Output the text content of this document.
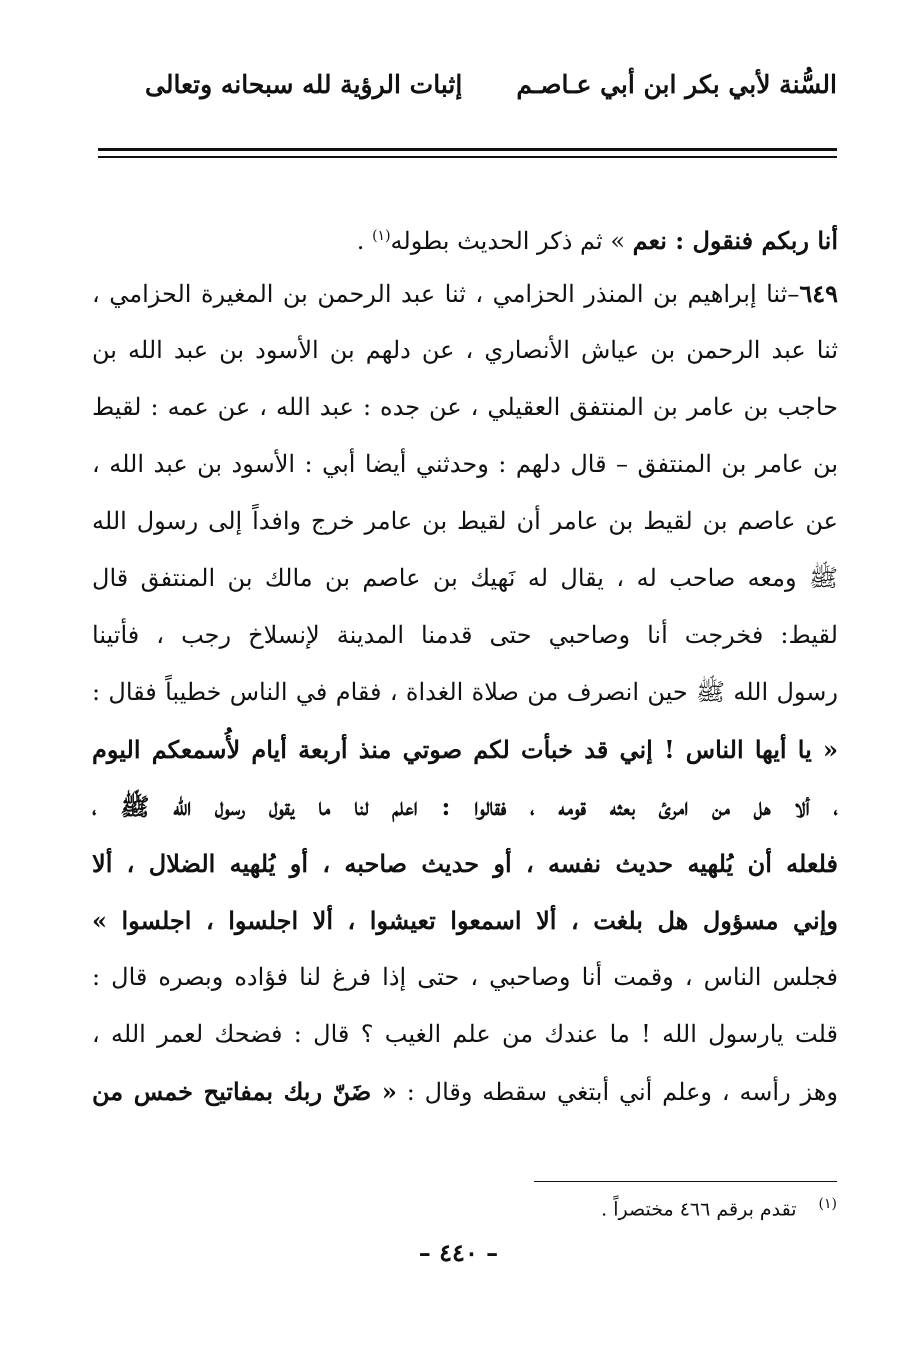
السُّنة لأبي بكر ابن أبي عـاصـم
إثبات الرؤية لله سبحانه وتعالى
أنا ربكم فنقول : نعم » ثم ذكر الحديث بطوله$^{(١)}$ .
٦٤٩–ثنا إبراهيم بن المنذر الحزامي ، ثنا عبد الرحمن بن المغيرة الحزامي ،
ثنا عبد الرحمن بن عياش الأنصاري ، عن دلهم بن الأسود بن عبد الله بن
حاجب بن عامر بن المنتفق العقيلي ، عن جده : عبد الله ، عن عمه : لقيط
بن عامر بن المنتفق – قال دلهم : وحدثني أيضا أبي : الأسود بن عبد الله ،
عن عاصم بن لقيط بن عامر أن لقيط بن عامر خرج وافداً إلى رسول الله
ﷺ ومعه صاحب له ، يقال له نَهيك بن عاصم بن مالك بن المنتفق قال
لقيط: فخرجت أنا وصاحبي حتى قدمنا المدينة لإنسلاخ رجب ، فأتينا
رسول الله ﷺ حين انصرف من صلاة الغداة ، فقام في الناس خطيباً فقال :
« يا أيها الناس ! إني قد خبأت لكم صوتي منذ أربعة أيام لأُسمعكم اليوم
، ألا هل من امرئ بعثه قومه ، فقالوا : اعلم لنا ما يقول رسول الله ﷺ ،
فلعله أن يُلهيه حديث نفسه ، أو حديث صاحبه ، أو يُلهيه الضلال ، ألا
وإني مسؤول هل بلغت ، ألا اسمعوا تعيشوا ، ألا اجلسوا ، اجلسوا »
فجلس الناس ، وقمت أنا وصاحبي ، حتى إذا فرغ لنا فؤاده وبصره قال :
قلت يارسول الله ! ما عندك من علم الغيب ؟ قال : فضحك لعمر الله ،
وهز رأسه ، وعلم أني أبتغي سقطه وقال : « ضَنّ ربك بمفاتيح خمس من
$^{(١)}$تقدم برقم ٤٦٦ مختصراً .
– ٤٤٠ –
